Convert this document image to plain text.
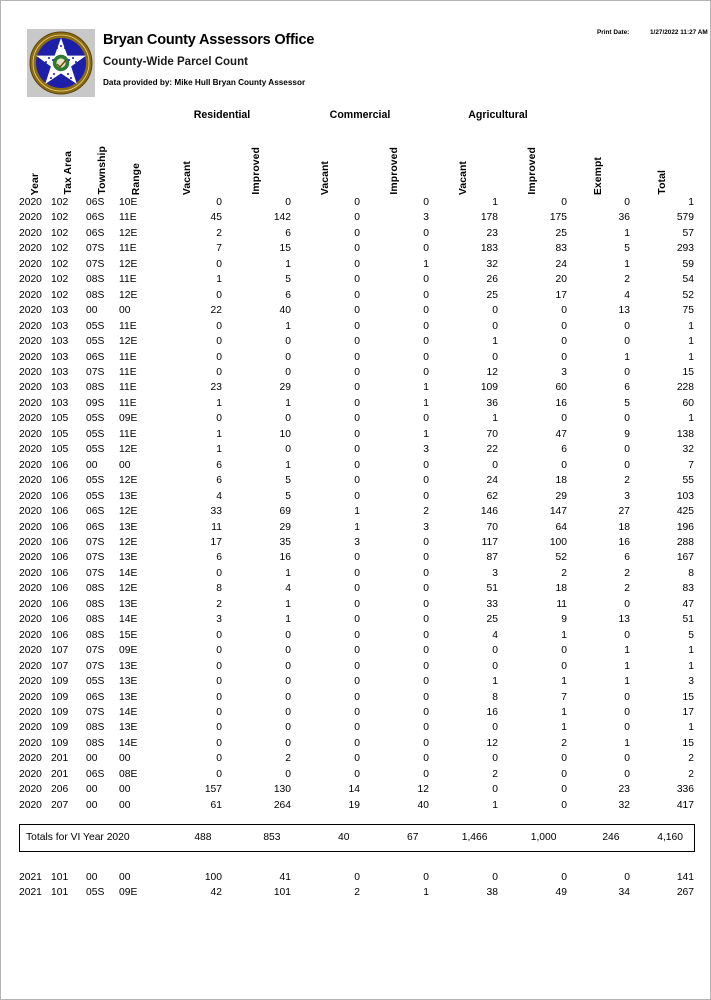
Bryan County Assessors Office
County-Wide Parcel Count
Data provided by: Mike Hull Bryan County Assessor
Print Date:	1/27/2022 11:27 AM
				Residential		Commercial		Agricultural			

Year	Tax Area	Township	Range	Vacant	Improved	Vacant	Improved	Vacant	Improved	Exempt	Total

2020	102	06S	10E	0	0	0	0	1	0	0	1
2020	102	06S	11E	45	142	0	3	178	175	36	579
2020	102	06S	12E	2	6	0	0	23	25	1	57
2020	102	07S	11E	7	15	0	0	183	83	5	293
2020	102	07S	12E	0	1	0	1	32	24	1	59
2020	102	08S	11E	1	5	0	0	26	20	2	54
2020	102	08S	12E	0	6	0	0	25	17	4	52
2020	103	00	00	22	40	0	0	0	0	13	75
2020	103	05S	11E	0	1	0	0	0	0	0	1
2020	103	05S	12E	0	0	0	0	1	0	0	1
2020	103	06S	11E	0	0	0	0	0	0	1	1
2020	103	07S	11E	0	0	0	0	12	3	0	15
2020	103	08S	11E	23	29	0	1	109	60	6	228
2020	103	09S	11E	1	1	0	1	36	16	5	60
2020	105	05S	09E	0	0	0	0	1	0	0	1
2020	105	05S	11E	1	10	0	1	70	47	9	138
2020	105	05S	12E	1	0	0	3	22	6	0	32
2020	106	00	00	6	1	0	0	0	0	0	7
2020	106	05S	12E	6	5	0	0	24	18	2	55
2020	106	05S	13E	4	5	0	0	62	29	3	103
2020	106	06S	12E	33	69	1	2	146	147	27	425
2020	106	06S	13E	11	29	1	3	70	64	18	196
2020	106	07S	12E	17	35	3	0	117	100	16	288
2020	106	07S	13E	6	16	0	0	87	52	6	167
2020	106	07S	14E	0	1	0	0	3	2	2	8
2020	106	08S	12E	8	4	0	0	51	18	2	83
2020	106	08S	13E	2	1	0	0	33	11	0	47
2020	106	08S	14E	3	1	0	0	25	9	13	51
2020	106	08S	15E	0	0	0	0	4	1	0	5
2020	107	07S	09E	0	0	0	0	0	0	1	1
2020	107	07S	13E	0	0	0	0	0	0	1	1
2020	109	05S	13E	0	0	0	0	1	1	1	3
2020	109	06S	13E	0	0	0	0	8	7	0	15
2020	109	07S	14E	0	0	0	0	16	1	0	17
2020	109	08S	13E	0	0	0	0	0	1	0	1
2020	109	08S	14E	0	0	0	0	12	2	1	15
2020	201	00	00	0	2	0	0	0	0	0	2
2020	201	06S	08E	0	0	0	0	2	0	0	2
2020	206	00	00	157	130	14	12	0	0	23	336
2020	207	00	00	61	264	19	40	1	0	32	417
Totals for VI Year 2020	488	853	40	67	1,466	1,000	246	4,160
2021	101	00	00	100	41	0	0	0	0	0	141
2021	101	05S	09E	42	101	2	1	38	49	34	267
